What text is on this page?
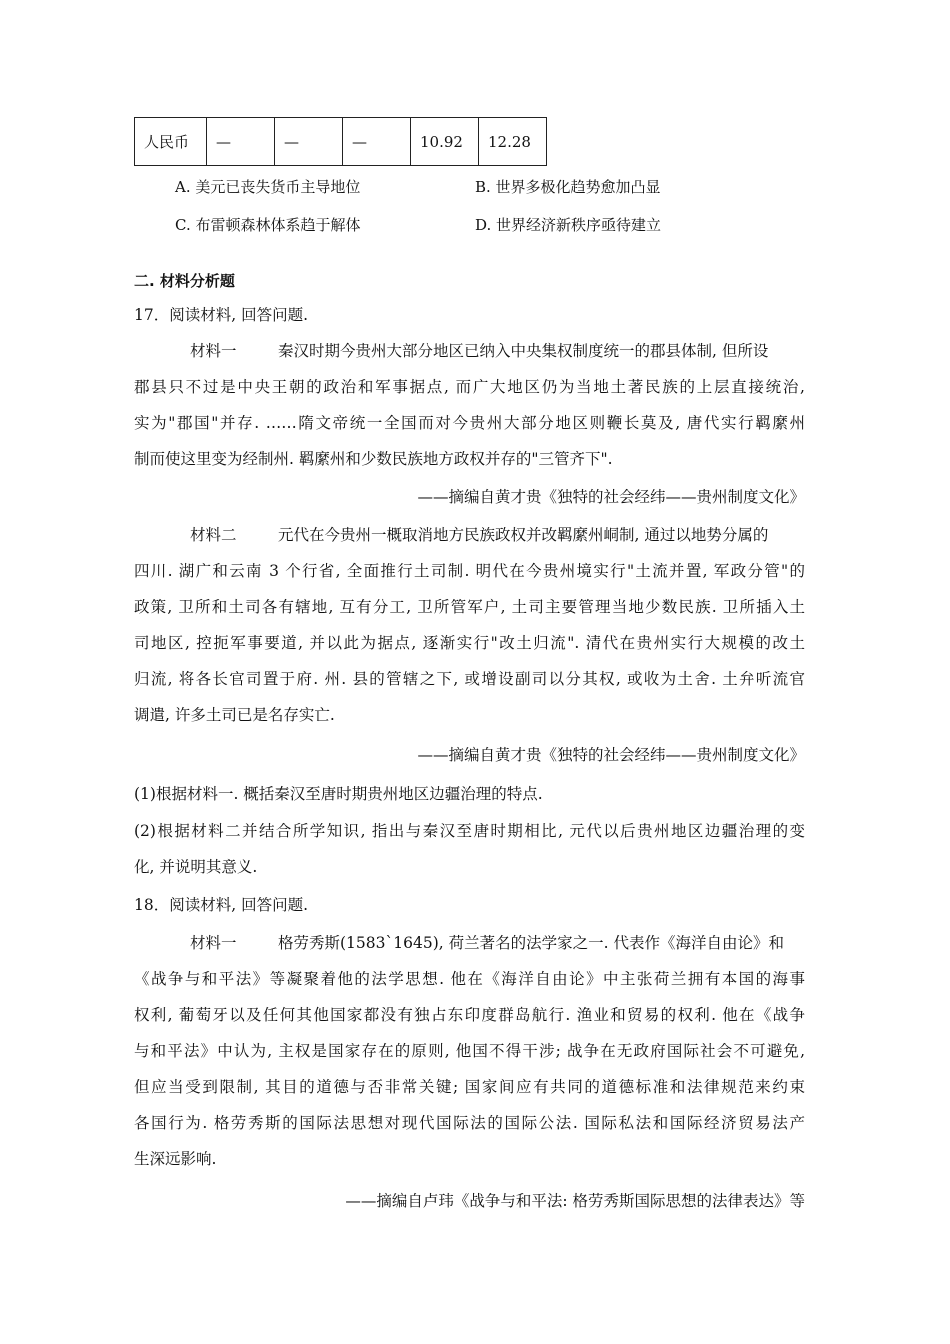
人民币	—	—	—	10.92	12.28
A. 美元已丧失货币主导地位	B. 世界多极化趋势愈加凸显
C. 布雷顿森林体系趋于解体	D. 世界经济新秩序亟待建立
二. 材料分析题
17．阅读材料, 回答问题.
材料一	秦汉时期今贵州大部分地区已纳入中央集权制度统一的郡县体制, 但所设
郡县只不过是中央王朝的政治和军事据点, 而广大地区仍为当地土著民族的上层直接统治,
实为"郡国"并存. ……隋文帝统一全国而对今贵州大部分地区则鞭长莫及, 唐代实行羁縻州
制而使这里变为经制州. 羁縻州和少数民族地方政权并存的"三管齐下".
——摘编自黄才贵《独特的社会经纬——贵州制度文化》
材料二	元代在今贵州一概取消地方民族政权并改羁縻州峒制, 通过以地势分属的
四川. 湖广和云南 3 个行省, 全面推行土司制. 明代在今贵州境实行"土流并置, 军政分管"的
政策, 卫所和土司各有辖地, 互有分工, 卫所管军户, 土司主要管理当地少数民族. 卫所插入土
司地区, 控扼军事要道, 并以此为据点, 逐渐实行"改土归流". 清代在贵州实行大规模的改土
归流, 将各长官司置于府. 州. 县的管辖之下, 或增设副司以分其权, 或收为土舍. 土弁听流官
调遣, 许多土司已是名存实亡.
——摘编自黄才贵《独特的社会经纬——贵州制度文化》
(1)根据材料一. 概括秦汉至唐时期贵州地区边疆治理的特点.
(2)根据材料二并结合所学知识, 指出与秦汉至唐时期相比, 元代以后贵州地区边疆治理的变
化, 并说明其意义.
18．阅读材料, 回答问题.
材料一	格劳秀斯(1583`1645), 荷兰著名的法学家之一. 代表作《海洋自由论》和
《战争与和平法》等凝聚着他的法学思想. 他在《海洋自由论》中主张荷兰拥有本国的海事
权利, 葡萄牙以及任何其他国家都没有独占东印度群岛航行. 渔业和贸易的权利. 他在《战争
与和平法》中认为, 主权是国家存在的原则, 他国不得干涉; 战争在无政府国际社会不可避免,
但应当受到限制, 其目的道德与否非常关键; 国家间应有共同的道德标准和法律规范来约束
各国行为. 格劳秀斯的国际法思想对现代国际法的国际公法. 国际私法和国际经济贸易法产
生深远影响.
——摘编自卢玮《战争与和平法: 格劳秀斯国际思想的法律表达》等
